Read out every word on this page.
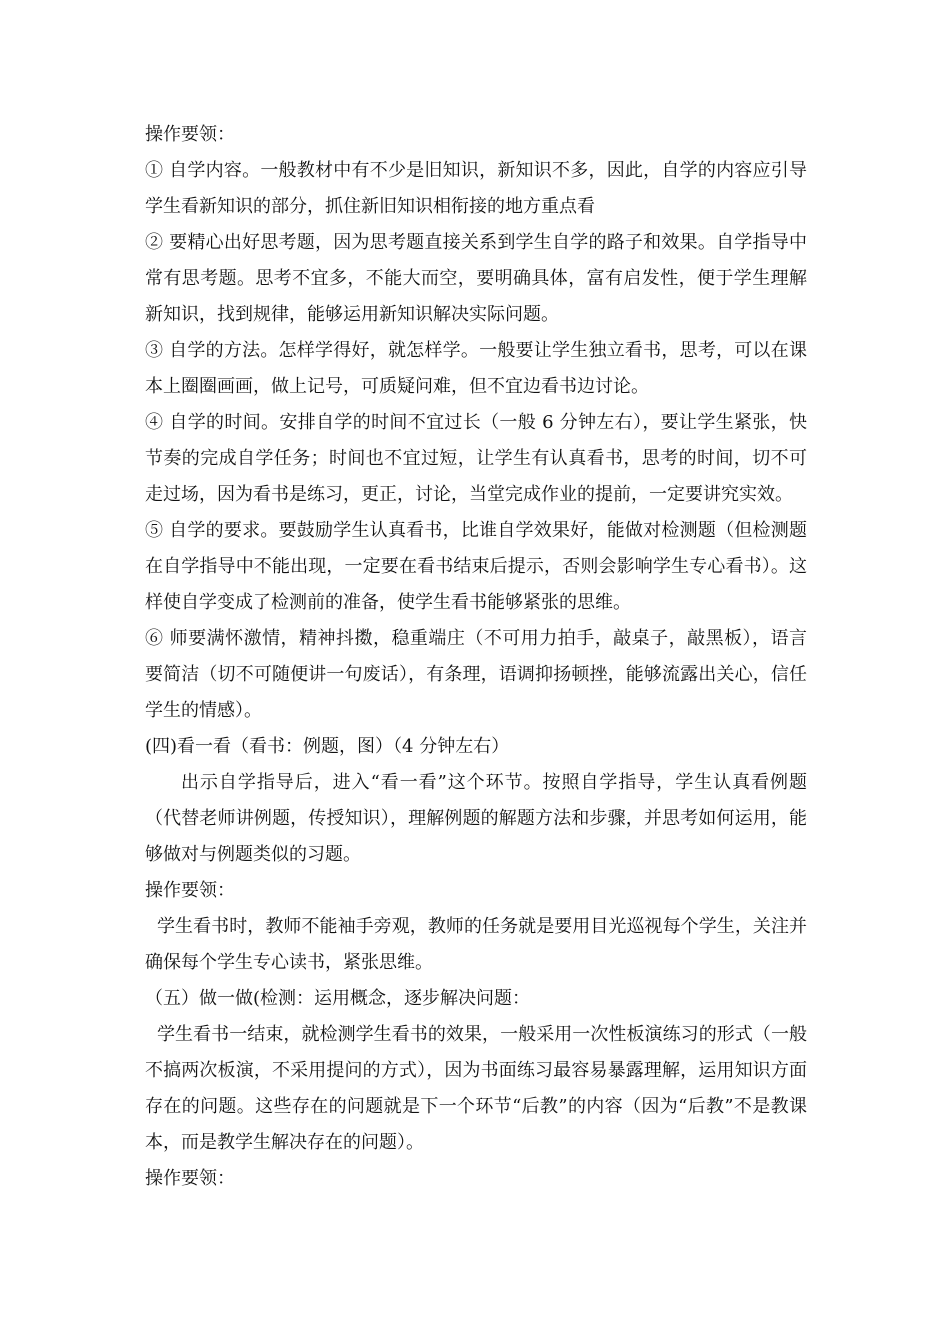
操作要领：

① 自学内容。一般教材中有不少是旧知识，新知识不多，因此，自学的内容应引导学生看新知识的部分，抓住新旧知识相衔接的地方重点看

② 要精心出好思考题，因为思考题直接关系到学生自学的路子和效果。自学指导中常有思考题。思考不宜多，不能大而空，要明确具体，富有启发性，便于学生理解新知识，找到规律，能够运用新知识解决实际问题。

③ 自学的方法。怎样学得好，就怎样学。一般要让学生独立看书，思考，可以在课本上圈圈画画，做上记号，可质疑问难，但不宜边看书边讨论。

④ 自学的时间。安排自学的时间不宜过长（一般 6 分钟左右），要让学生紧张，快节奏的完成自学任务；时间也不宜过短，让学生有认真看书，思考的时间，切不可走过场，因为看书是练习，更正，讨论，当堂完成作业的提前，一定要讲究实效。

⑤ 自学的要求。要鼓励学生认真看书，比谁自学效果好，能做对检测题（但检测题在自学指导中不能出现，一定要在看书结束后提示，否则会影响学生专心看书）。这样使自学变成了检测前的准备，使学生看书能够紧张的思维。

⑥ 师要满怀激情，精神抖擞，稳重端庄（不可用力拍手，敲桌子，敲黑板），语言要简洁（切不可随便讲一句废话），有条理，语调抑扬顿挫，能够流露出关心，信任学生的情感）。

(四)看一看（看书：例题，图）（4 分钟左右）

出示自学指导后，进入“看一看”这个环节。按照自学指导，学生认真看例题（代替老师讲例题，传授知识），理解例题的解题方法和步骤，并思考如何运用，能够做对与例题类似的习题。

操作要领：

学生看书时，教师不能袖手旁观，教师的任务就是要用目光巡视每个学生，关注并确保每个学生专心读书，紧张思维。

（五）做一做(检测：运用概念，逐步解决问题：

学生看书一结束，就检测学生看书的效果，一般采用一次性板演练习的形式（一般不搞两次板演，不采用提问的方式），因为书面练习最容易暴露理解，运用知识方面存在的问题。这些存在的问题就是下一个环节“后教”的内容（因为“后教”不是教课本，而是教学生解决存在的问题）。

操作要领：
